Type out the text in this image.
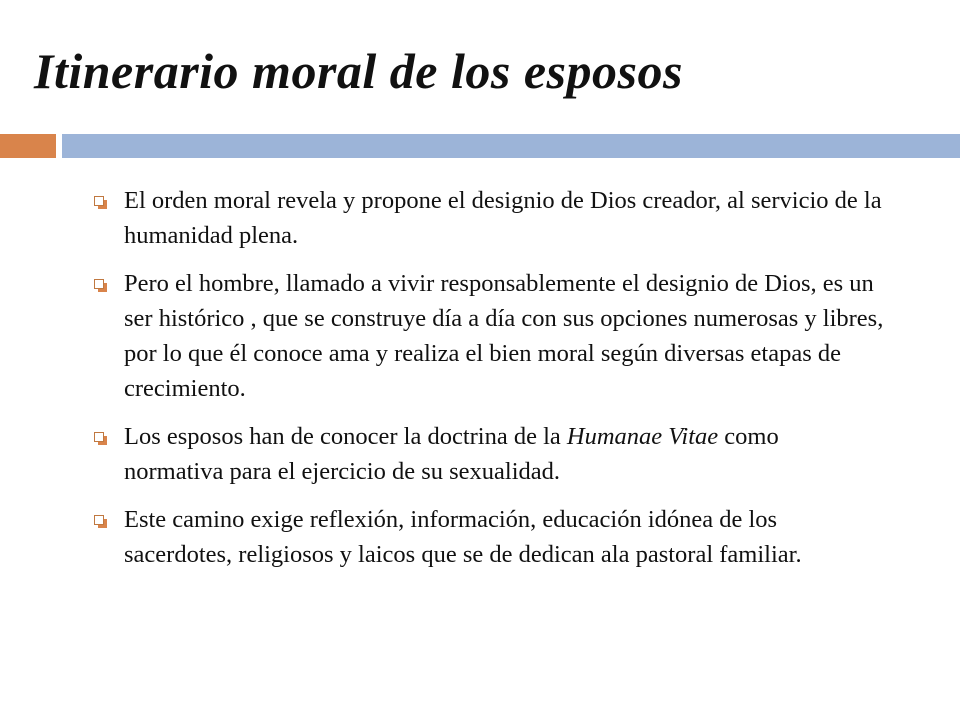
Itinerario moral de los esposos
El orden moral revela y propone el designio de Dios creador, al servicio de la humanidad plena.
Pero el hombre, llamado a vivir responsablemente el designio de Dios, es un ser histórico , que se construye día a día con sus opciones numerosas y libres, por lo que él conoce ama y realiza el bien moral según diversas etapas de crecimiento.
Los esposos han de conocer la doctrina de la Humanae Vitae como normativa para el ejercicio de su sexualidad.
Este camino exige reflexión, información, educación idónea de los sacerdotes, religiosos y laicos que se de dedican ala pastoral familiar.
